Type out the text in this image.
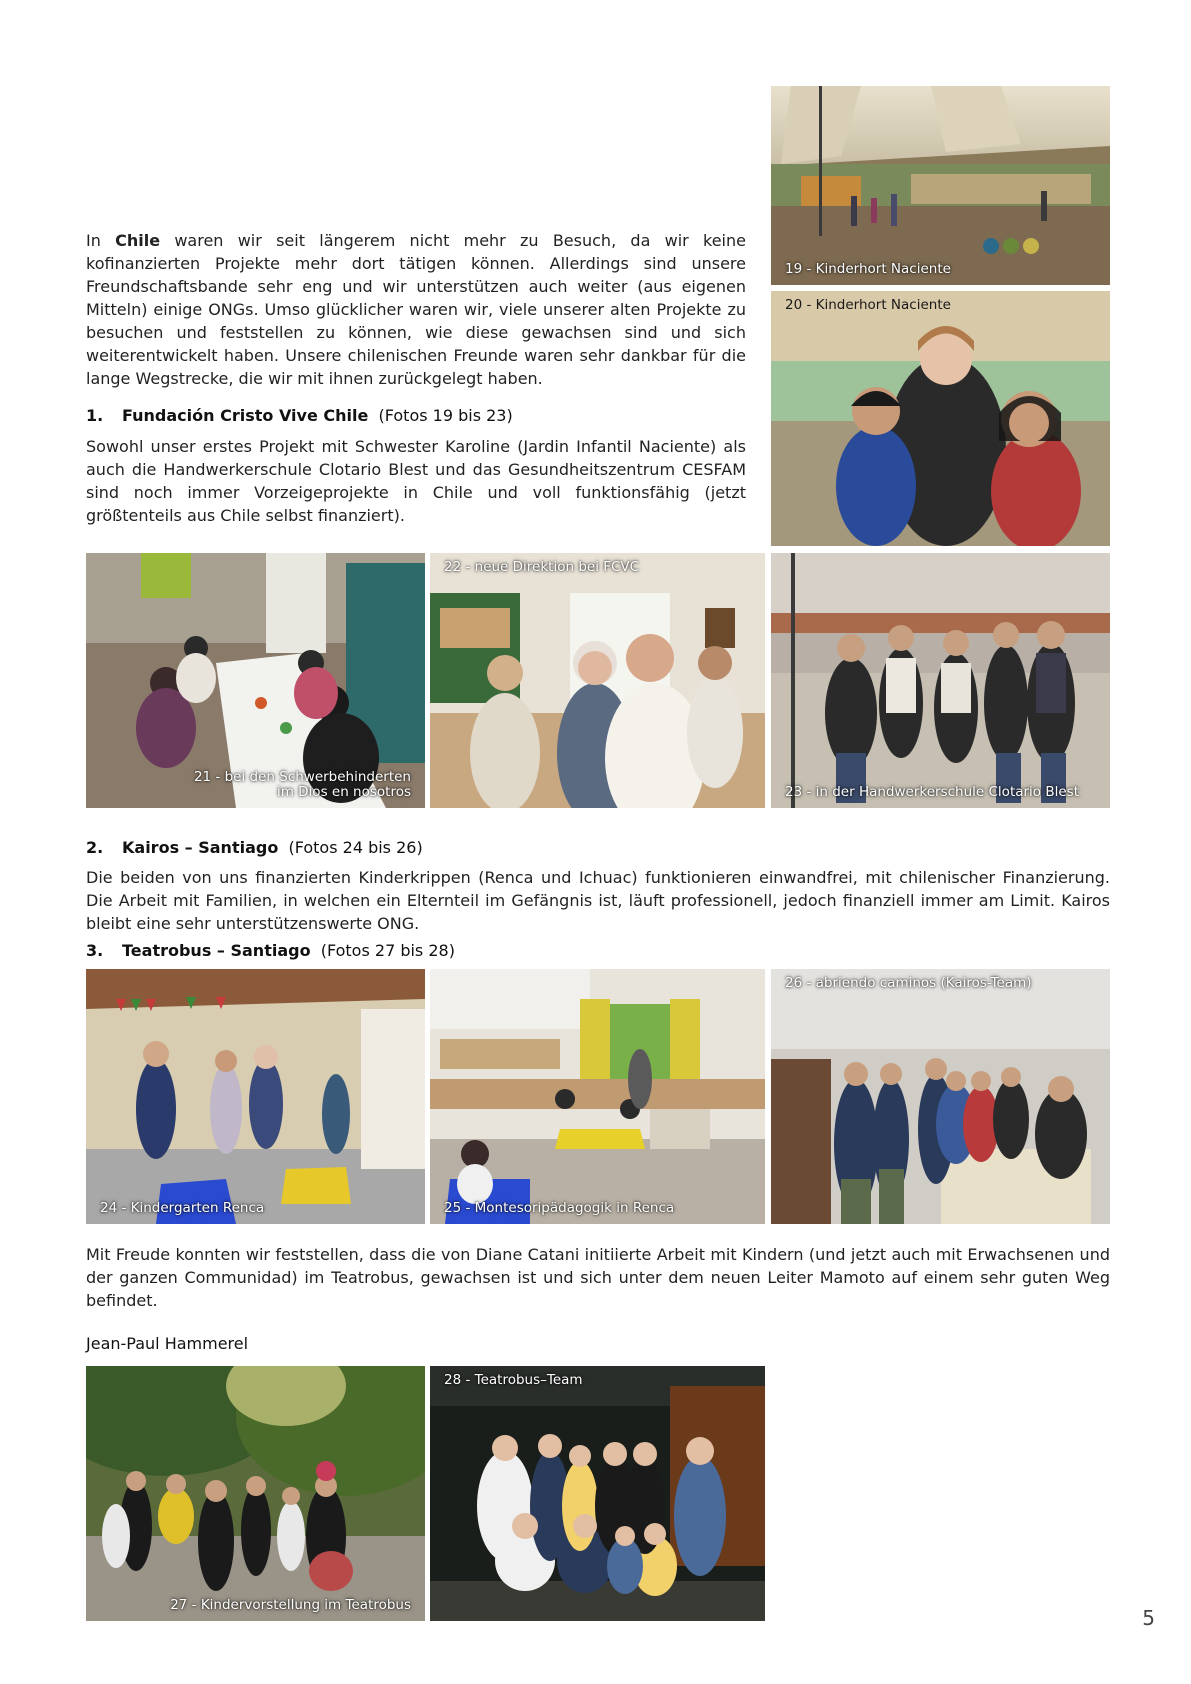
In Chile waren wir seit längerem nicht mehr zu Besuch, da wir keine kofinanzierten Projekte mehr dort tätigen können. Allerdings sind unsere Freundschaftsbande sehr eng und wir unterstützen auch weiter (aus eigenen Mitteln) einige ONGs. Umso glücklicher waren wir, viele unserer alten Projekte zu besuchen und feststellen zu können, wie diese gewachsen sind und sich weiterentwickelt haben. Unsere chilenischen Freunde waren sehr dankbar für die lange Wegstrecke, die wir mit ihnen zurückgelegt haben.
1. Fundación Cristo Vive Chile (Fotos 19 bis 23)
Sowohl unser erstes Projekt mit Schwester Karoline (Jardin Infantil Naciente) als auch die Handwerkerschule Clotario Blest und das Gesundheitszentrum CESFAM sind noch immer Vorzeigeprojekte in Chile und voll funktionsfähig (jetzt größtenteils aus Chile selbst finanziert).
19 - Kinderhort Naciente
20 - Kinderhort Naciente
21 - bei den Schwerbehinderten
im Dios en nosotros
22 - neue Direktion bei FCVC
23 - in der Handwerkerschule Clotario Blest
2. Kairos – Santiago (Fotos 24 bis 26)
Die beiden von uns finanzierten Kinderkrippen (Renca und Ichuac) funktionieren einwandfrei, mit chilenischer Finanzierung. Die Arbeit mit Familien, in welchen ein Elternteil im Gefängnis ist, läuft professionell, jedoch finanziell immer am Limit. Kairos bleibt eine sehr unterstützenswerte ONG.
3. Teatrobus – Santiago (Fotos 27 bis 28)
24 - Kindergarten Renca	25 - Montesoripädagogik in Renca
26 - abriendo caminos (Kairos-Team)
Mit Freude konnten wir feststellen, dass die von Diane Catani initiierte Arbeit mit Kindern (und jetzt auch mit Erwachsenen und der ganzen Communidad) im Teatrobus, gewachsen ist und sich unter dem neuen Leiter Mamoto auf einem sehr guten Weg befindet.
Jean-Paul Hammerel
27 - Kindervorstellung im Teatrobus
28 - Teatrobus–Team
5
